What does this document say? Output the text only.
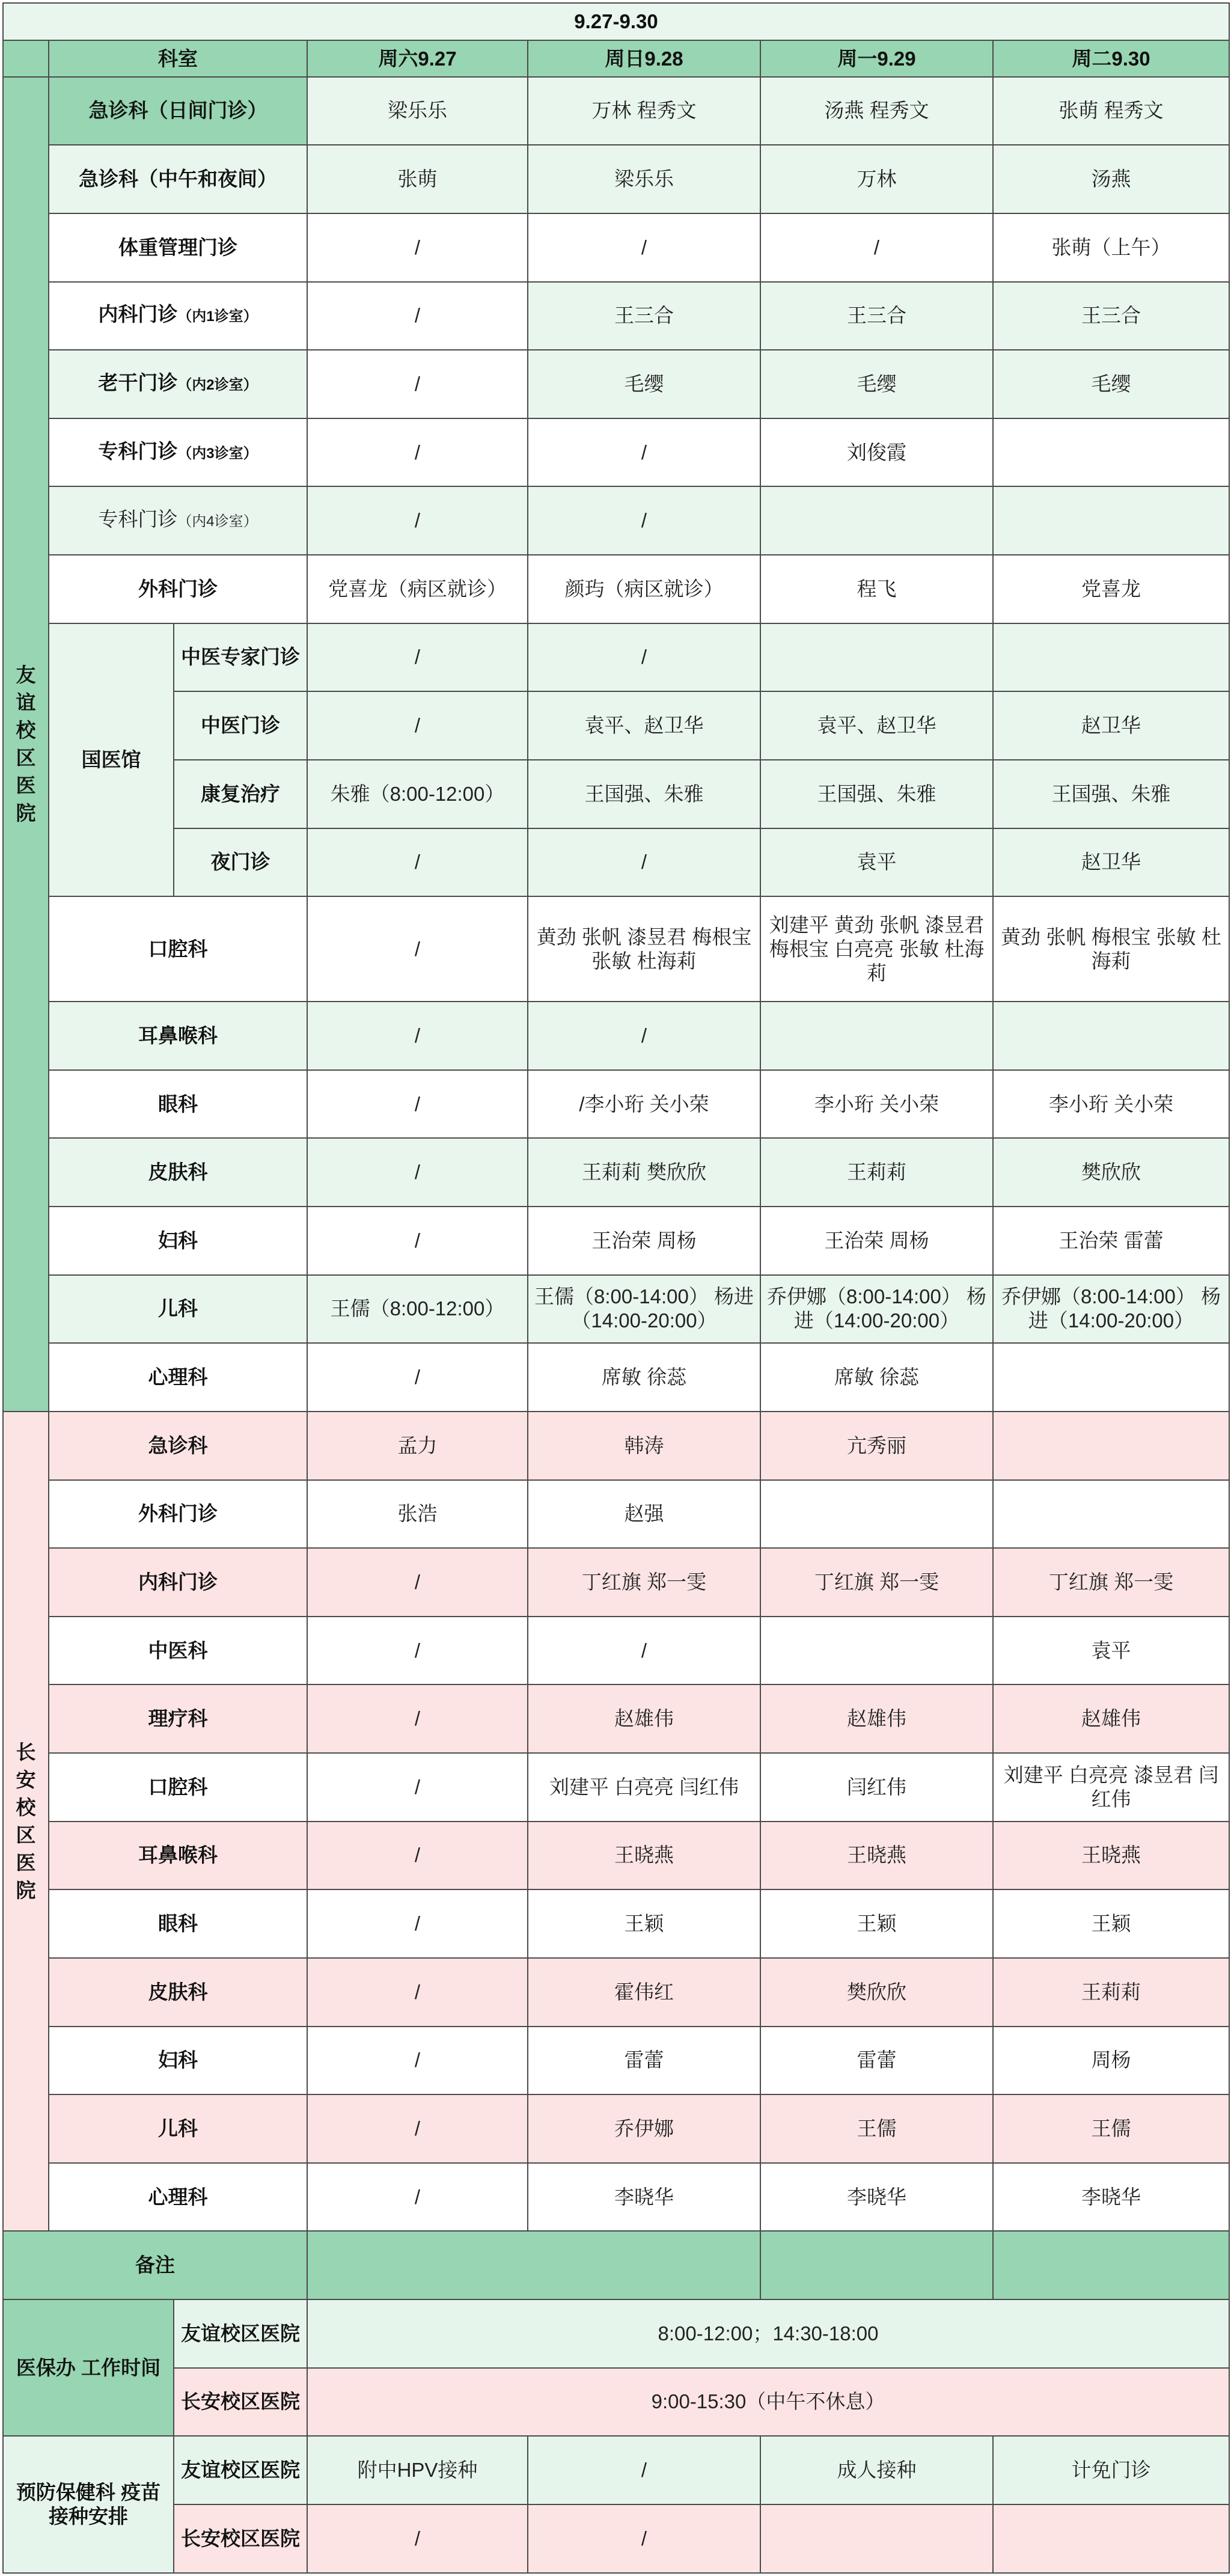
9.27-9.30						
	科室		周六9.27	周日9.28	周一9.29	周二9.30
友谊校区医院	急诊科（日间门诊）		梁乐乐	万林 程秀文	汤燕 程秀文	张萌 程秀文
	急诊科（中午和夜间）		张萌	梁乐乐	万林	汤燕
	体重管理门诊		/	/	/	张萌（上午）
	内科门诊（内1诊室）		/	王三合	王三合	王三合
	老干门诊（内2诊室）		/	毛缨	毛缨	毛缨
	专科门诊（内3诊室）		/	/	刘俊霞	
	专科门诊（内4诊室）		/	/		
	外科门诊		党喜龙（病区就诊）	颜玙（病区就诊）	程飞	党喜龙
	国医馆	中医专家门诊	/	/		
		中医门诊	/	袁平、赵卫华	袁平、赵卫华	赵卫华
		康复治疗	朱雅（8:00-12:00）	王国强、朱雅	王国强、朱雅	王国强、朱雅
		夜门诊	/	/	袁平	赵卫华
	口腔科		/	黄劲 张帆 漆昱君 梅根宝 张敏 杜海莉	刘建平 黄劲 张帆 漆昱君 梅根宝 白亮亮 张敏 杜海莉	黄劲 张帆 梅根宝 张敏 杜海莉
	耳鼻喉科		/	/		
	眼科		/	/李小珩 关小荣	李小珩 关小荣	李小珩 关小荣
	皮肤科		/	王莉莉 樊欣欣	王莉莉	樊欣欣
	妇科		/	王治荣 周杨	王治荣 周杨	王治荣 雷蕾
	儿科		王儒（8:00-12:00）	王儒（8:00-14:00） 杨进（14:00-20:00）	乔伊娜（8:00-14:00） 杨进（14:00-20:00）	乔伊娜（8:00-14:00） 杨进（14:00-20:00）
	心理科		/	席敏 徐蕊	席敏 徐蕊	
长安校区医院	急诊科		孟力	韩涛	亢秀丽	
	外科门诊		张浩	赵强		
	内科门诊		/	丁红旗 郑一雯	丁红旗 郑一雯	丁红旗 郑一雯
	中医科		/	/		袁平
	理疗科		/	赵雄伟	赵雄伟	赵雄伟
	口腔科		/	刘建平 白亮亮 闫红伟	闫红伟	刘建平 白亮亮 漆昱君 闫红伟
	耳鼻喉科		/	王晓燕	王晓燕	王晓燕
	眼科		/	王颖	王颖	王颖
	皮肤科		/	霍伟红	樊欣欣	王莉莉
	妇科		/	雷蕾	雷蕾	周杨
	儿科		/	乔伊娜	王儒	王儒
	心理科		/	李晓华	李晓华	李晓华
备注						
医保办 工作时间		友谊校区医院	8:00-12:00；14:30-18:00			
		长安校区医院	9:00-15:30（中午不休息）			
预防保健科 疫苗接种安排		友谊校区医院	附中HPV接种	/	成人接种	计免门诊
		长安校区医院	/	/		
